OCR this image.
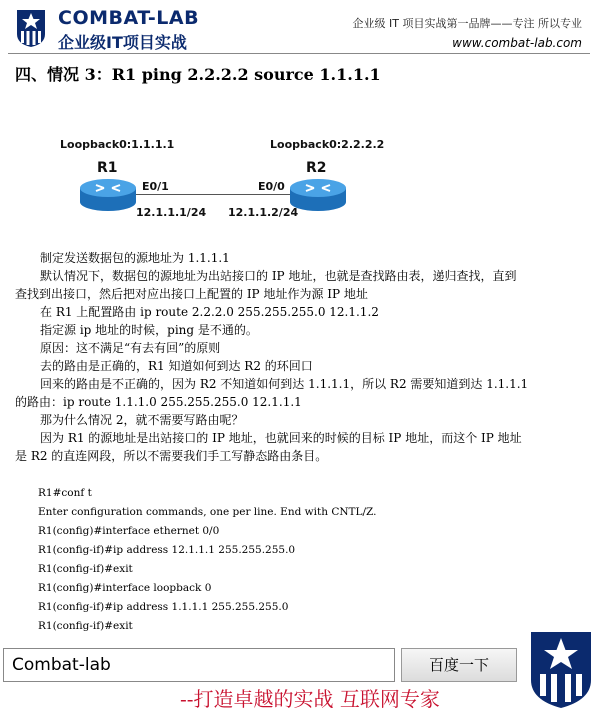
COMBAT-LAB
企业级IT项目实战
企业级 IT 项目实战第一品牌——专注 所以专业
www.combat-lab.com
四、情况 3：R1 ping 2.2.2.2 source 1.1.1.1
Loopback0:1.1.1.1	Loopback0:2.2.2.2
R1	R2
E0/1	E0/0
12.1.1.1/24 12.1.1.2/24
制定发送数据包的源地址为 1.1.1.1
默认情况下，数据包的源地址为出站接口的 IP 地址，也就是查找路由表，递归查找，直到
查找到出接口，然后把对应出接口上配置的 IP 地址作为源 IP 地址
在 R1 上配置路由 ip route 2.2.2.0 255.255.255.0 12.1.1.2
指定源 ip 地址的时候，ping 是不通的。
原因：这不满足“有去有回”的原则
去的路由是正确的，R1 知道如何到达 R2 的环回口
回来的路由是不正确的，因为 R2 不知道如何到达 1.1.1.1，所以 R2 需要知道到达 1.1.1.1
的路由：ip route 1.1.1.0 255.255.255.0 12.1.1.1
那为什么情况 2，就不需要写路由呢？
因为 R1 的源地址是出站接口的 IP 地址，也就回来的时候的目标 IP 地址，而这个 IP 地址
是 R2 的直连网段，所以不需要我们手工写静态路由条目。
R1#conf t
Enter configuration commands, one per line. End with CNTL/Z.
R1(config)#interface ethernet 0/0
R1(config-if)#ip address 12.1.1.1 255.255.255.0
R1(config-if)#exit
R1(config)#interface loopback 0
R1(config-if)#ip address 1.1.1.1 255.255.255.0
R1(config-if)#exit
Combat-lab	百度一下
--打造卓越的实战 互联网专家
